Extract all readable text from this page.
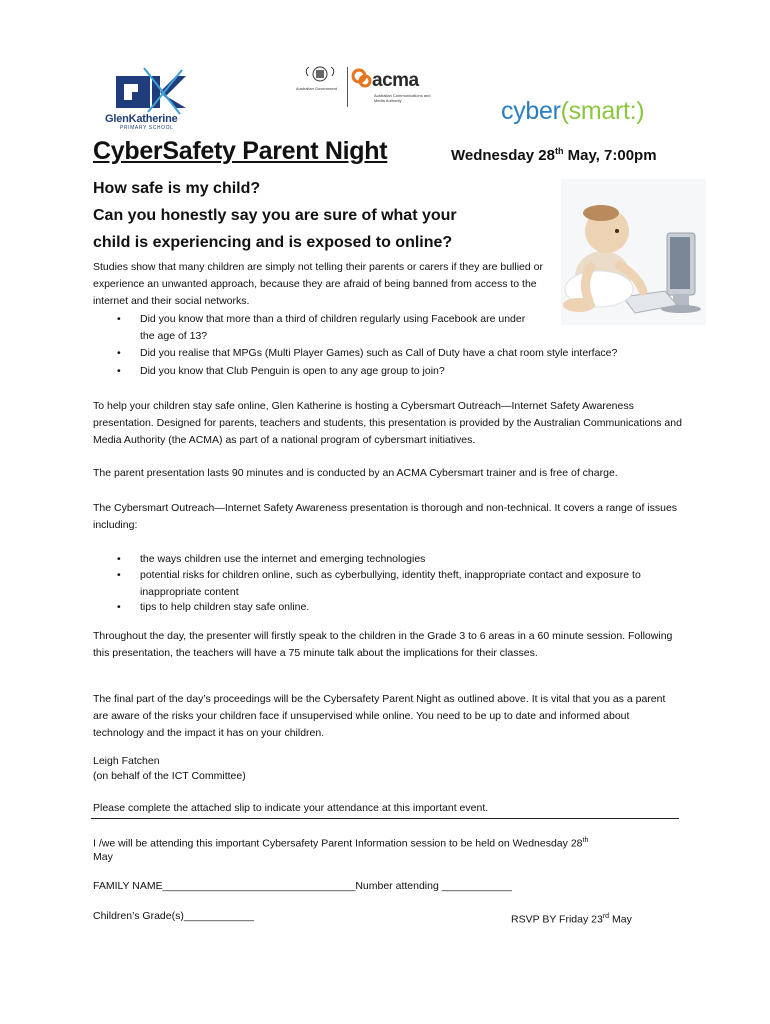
GlenKatherine
PRIMARY SCHOOL
Australian Government acma
Australian Communications and Media Authority	cyber(smart:)
CyberSafety Parent Night	Wednesday 28th May, 7:00pm
How safe is my child?
Can you honestly say you are sure of what your
child is experiencing and is exposed to online?
Studies show that many children are simply not telling their parents or carers if they are bullied or experience an unwanted approach, because they are afraid of being banned from access to the internet and their social networks.
• Did you know that more than a third of children regularly using Facebook are under the age of 13?
• Did you realise that MPGs (Multi Player Games) such as Call of Duty have a chat room style interface?
• Did you know that Club Penguin is open to any age group to join?
To help your children stay safe online, Glen Katherine is hosting a Cybersmart Outreach—Internet Safety Awareness presentation. Designed for parents, teachers and students, this presentation is provided by the Australian Communications and Media Authority (the ACMA) as part of a national program of cybersmart initiatives.
The parent presentation lasts 90 minutes and is conducted by an ACMA Cybersmart trainer and is free of charge.
The Cybersmart Outreach—Internet Safety Awareness presentation is thorough and non-technical. It covers a range of issues including:
• the ways children use the internet and emerging technologies
• potential risks for children online, such as cyberbullying, identity theft, inappropriate contact and exposure to inappropriate content
• tips to help children stay safe online.
Throughout the day, the presenter will firstly speak to the children in the Grade 3 to 6 areas in a 60 minute session. Following this presentation, the teachers will have a 75 minute talk about the implications for their classes.
The final part of the day’s proceedings will be the Cybersafety Parent Night as outlined above. It is vital that you as a parent are aware of the risks your children face if unsupervised while online. You need to be up to date and informed about technology and the impact it has on your children.
Leigh Fatchen
(on behalf of the ICT Committee)
Please complete the attached slip to indicate your attendance at this important event.
I /we will be attending this important Cybersafety Parent Information session to be held on Wednesday 28th
May
FAMILY NAME_________________________________Number attending ____________
Children’s Grade(s)____________	RSVP BY Friday 23rd May
